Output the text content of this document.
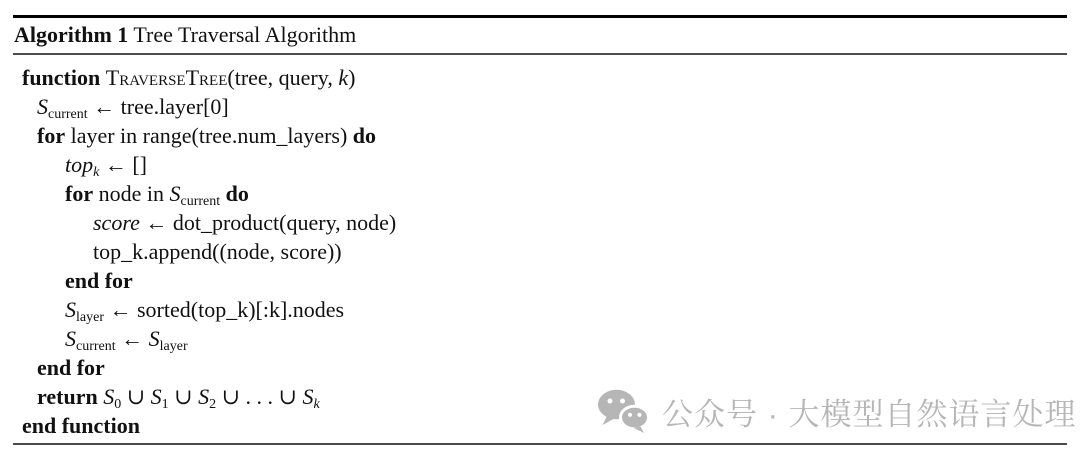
Algorithm 1 Tree Traversal Algorithm
function TraverseTree(tree, query, k)
Scurrent ← tree.layer[0]
for layer in range(tree.num_layers) do
topk ← []
for node in Scurrent do
score ← dot_product(query, node)
top_k.append((node, score))
end for
Slayer ← sorted(top_k)[:k].nodes
Scurrent ← Slayer
end for
return S0 ∪ S1 ∪ S2 ∪ . . . ∪ Sk
end function	公众号 · 大模型自然语言处理
